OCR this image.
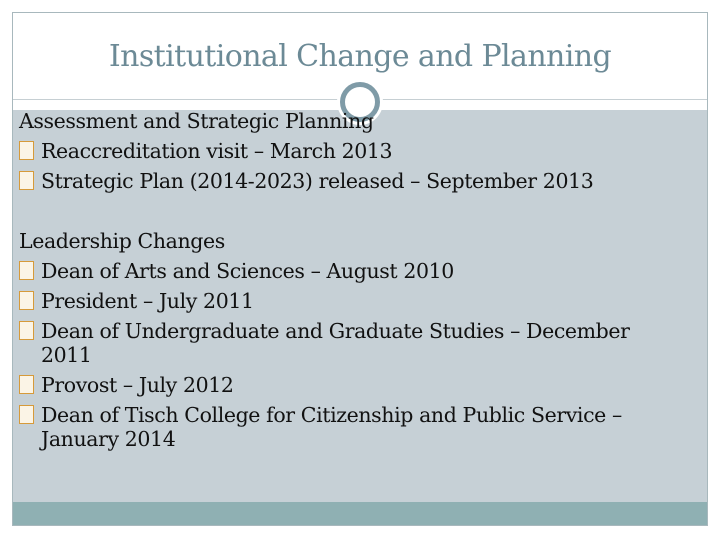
Institutional Change and Planning
Assessment and Strategic Planning
Reaccreditation visit – March 2013
Strategic Plan (2014-2023) released – September 2013
Leadership Changes
Dean of Arts and Sciences – August 2010
President – July 2011
Dean of Undergraduate and Graduate Studies – December 2011
Provost – July 2012
Dean of Tisch College for Citizenship and Public Service – January 2014
